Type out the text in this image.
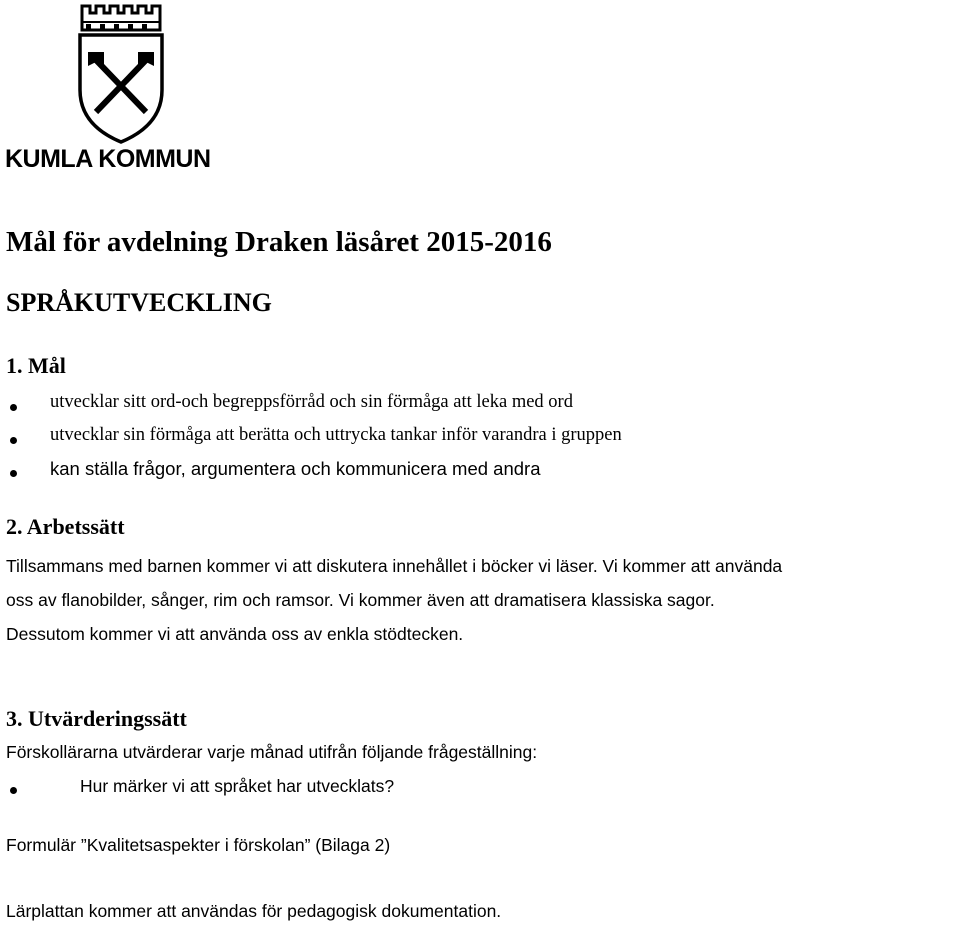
KUMLA KOMMUN
Mål för avdelning Draken läsåret 2015-2016
SPRÅKUTVECKLING
1. Mål
utvecklar sitt ord-och begreppsförråd och sin förmåga att leka med ord
utvecklar sin förmåga att berätta och uttrycka tankar inför varandra i gruppen
kan ställa frågor, argumentera och kommunicera med andra
2. Arbetssätt
Tillsammans med barnen kommer vi att diskutera innehållet i böcker vi läser. Vi kommer att använda
oss av flanobilder, sånger, rim och ramsor. Vi kommer även att dramatisera klassiska sagor.
Dessutom kommer vi att använda oss av enkla stödtecken.
3. Utvärderingssätt
Förskollärarna utvärderar varje månad utifrån följande frågeställning:
Hur märker vi att språket har utvecklats?
Formulär ”Kvalitetsaspekter i förskolan” (Bilaga 2)
Lärplattan kommer att användas för pedagogisk dokumentation.
